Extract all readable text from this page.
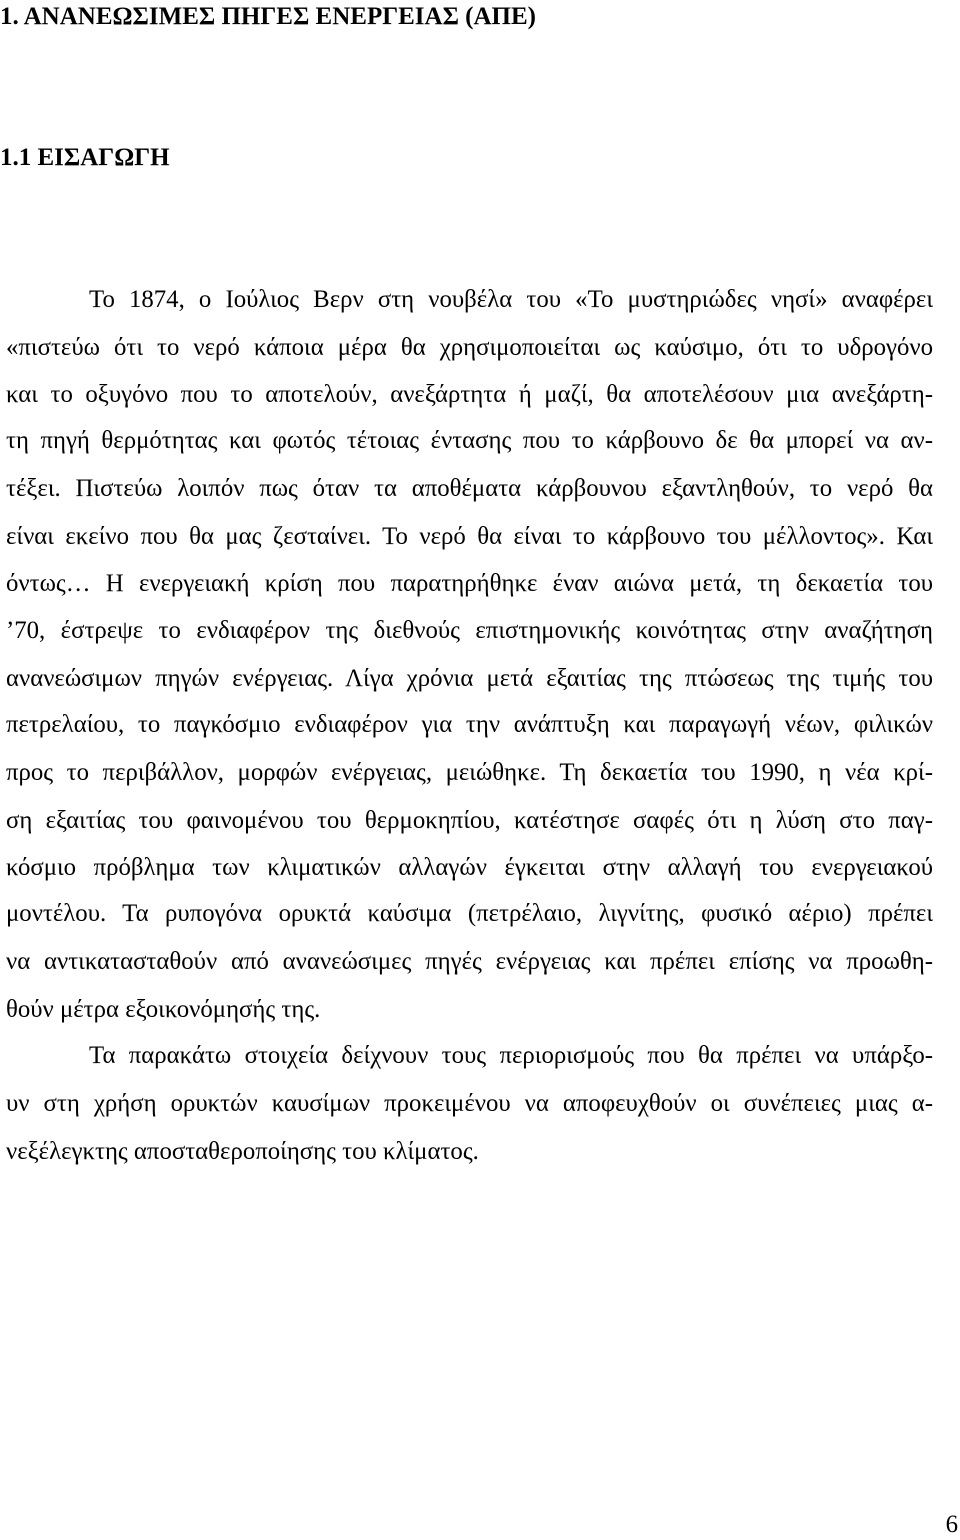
1. ΑΝΑΝΕΩΣΙΜΕΣ ΠΗΓΕΣ ΕΝΕΡΓΕΙΑΣ (ΑΠΕ)
1.1 ΕΙΣΑΓΩΓΗ
Το 1874, ο Ιούλιος Βερν στη νουβέλα του «Το μυστηριώδες νησί» αναφέρει
«πιστεύω ότι το νερό κάποια μέρα θα χρησιμοποιείται ως καύσιμο, ότι το υδρογόνο
και το οξυγόνο που το αποτελούν, ανεξάρτητα ή μαζί, θα αποτελέσουν μια ανεξάρτη-
τη πηγή θερμότητας και φωτός τέτοιας έντασης που το κάρβουνο δε θα μπορεί να αν-
τέξει. Πιστεύω λοιπόν πως όταν τα αποθέματα κάρβουνου εξαντληθούν, το νερό θα
είναι εκείνο που θα μας ζεσταίνει. Το νερό θα είναι το κάρβουνο του μέλλοντος». Και
όντως… Η ενεργειακή κρίση που παρατηρήθηκε έναν αιώνα μετά, τη δεκαετία του
’70, έστρεψε το ενδιαφέρον της διεθνούς επιστημονικής κοινότητας στην αναζήτηση
ανανεώσιμων πηγών ενέργειας. Λίγα χρόνια μετά εξαιτίας της πτώσεως της τιμής του
πετρελαίου, το παγκόσμιο ενδιαφέρον για την ανάπτυξη και παραγωγή νέων, φιλικών
προς το περιβάλλον, μορφών ενέργειας, μειώθηκε. Τη δεκαετία του 1990, η νέα κρί-
ση εξαιτίας του φαινομένου του θερμοκηπίου, κατέστησε σαφές ότι η λύση στο παγ-
κόσμιο πρόβλημα των κλιματικών αλλαγών έγκειται στην αλλαγή του ενεργειακού
μοντέλου. Τα ρυπογόνα ορυκτά καύσιμα (πετρέλαιο, λιγνίτης, φυσικό αέριο) πρέπει
να αντικατασταθούν από ανανεώσιμες πηγές ενέργειας και πρέπει επίσης να προωθη-
θούν μέτρα εξοικονόμησής της.
Τα παρακάτω στοιχεία δείχνουν τους περιορισμούς που θα πρέπει να υπάρξο-
υν στη χρήση ορυκτών καυσίμων προκειμένου να αποφευχθούν οι συνέπειες μιας α-
νεξέλεγκτης αποσταθεροποίησης του κλίματος.
6
